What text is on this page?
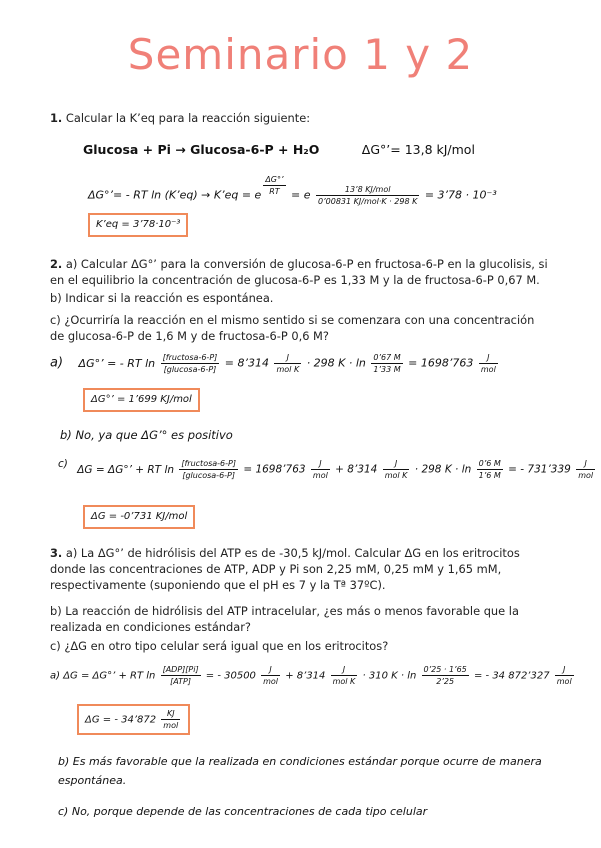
Seminario 1 y 2
1. Calcular la K’eq para la reacción siguiente:
Glucosa + Pi → Glucosa-6-P + H₂O	ΔG°’= 13,8 kJ/mol
ΔG°’= - RT ln (K’eq) → K’eq = e $^{\frac{\Delta G^\circ’}{RT}}$ = e $\frac{\text{13’8 KJ/mol}}{\text{0’00831 KJ/mol·K · 298 K}}$ = 3’78 · 10⁻³
K’eq = 3’78·10⁻³
2. a) Calcular ΔG°’ para la conversión de glucosa-6-P en fructosa-6-P en la glucolisis, si en el equilibrio la concentración de glucosa-6-P es 1,33 M y la de fructosa-6-P 0,67 M.
b) Indicar si la reacción es espontánea.
c) ¿Ocurriría la reacción en el mismo sentido si se comenzara con una concentración de glucosa-6-P de 1,6 M y de fructosa-6-P 0,6 M?
a) ΔG°’ = - RT $\ln \frac{\text{[fructosa-6-P]}}{\text{[glucosa-6-P]}}$ = 8’314 $\frac{J}{\text{mol K}} \cdot 298$ $K \cdot \ln \frac{0’67 M}{1’33 M}$ = 1698’763 $\frac{J}{\text{mol}}$
ΔG°’ = 1’699 KJ/mol
b) No, ya que ΔG’° es positivo
c) ΔG = ΔG°’ + RT $\ln \frac{\text{[fructosa-6-P]}}{\text{[glucosa-6-P]}}$ = 1698’763 $\frac{J}{\text{mol}}$ + 8’314 $\frac{J}{\text{mol K}} \cdot 298$ $K \cdot \ln \frac{0’6 M}{1’6 M}$ = - 731’339 $\frac{J}{\text{mol}}$
ΔG = -0’731 KJ/mol
3. a) La ΔG°’ de hidrólisis del ATP es de -30,5 kJ/mol. Calcular ΔG en los eritrocitos donde las concentraciones de ATP, ADP y Pi son 2,25 mM, 0,25 mM y 1,65 mM, respectivamente (suponiendo que el pH es 7 y la Tª 37ºC).
b) La reacción de hidrólisis del ATP intracelular, ¿es más o menos favorable que la realizada en condiciones estándar?
c) ¿ΔG en otro tipo celular será igual que en los eritrocitos?
a) ΔG = ΔG°’ + RT $\ln \frac{\text{[ADP][Pi]}}{\text{[ATP]}}$ = - $30500 \frac{J}{\text{mol}}$ + 8’314 $\frac{J}{\text{mol K}} \cdot 310$ $K \cdot \ln \frac{0’25 \cdot 1’65}{2’25}$ = - 34 872’327 $\frac{J}{\text{mol}}$
ΔG = - 34’872 $\frac{KJ}{\text{mol}}$
b) Es más favorable que la realizada en condiciones estándar porque ocurre de manera espontánea.
c) No, porque depende de las concentraciones de cada tipo celular
